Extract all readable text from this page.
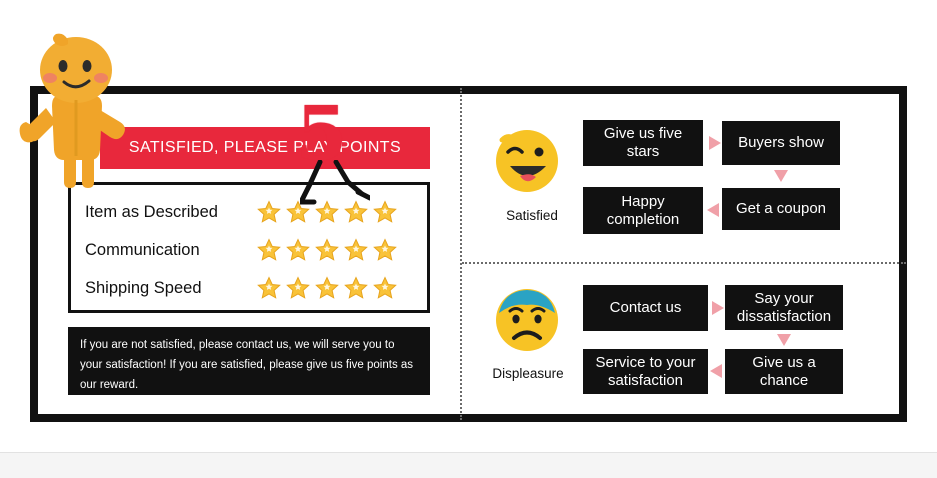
SATISFIED, PLEASE PLAY POINTS
5
Item as Described
Communication
Shipping Speed
If you are not satisfied, please contact us, we will serve you to your satisfaction! If you are satisfied, please give us five points as our reward.
Satisfied
Give us five stars
Buyers show
Happy completion
Get a coupon
Displeasure
Contact us
Say your dissatisfaction
Service to your satisfaction
Give us a chance
